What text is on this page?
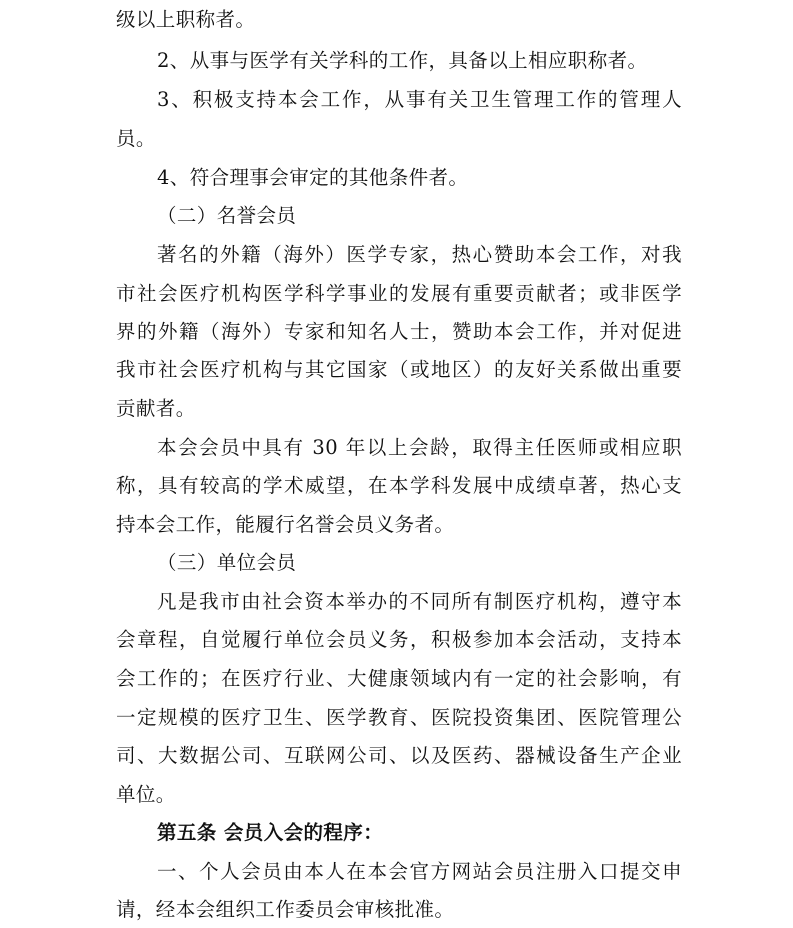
级以上职称者。
2、从事与医学有关学科的工作，具备以上相应职称者。
3、积极支持本会工作，从事有关卫生管理工作的管理人
员。
4、符合理事会审定的其他条件者。
（二）名誉会员
著名的外籍（海外）医学专家，热心赞助本会工作，对我
市社会医疗机构医学科学事业的发展有重要贡献者；或非医学
界的外籍（海外）专家和知名人士，赞助本会工作，并对促进
我市社会医疗机构与其它国家（或地区）的友好关系做出重要
贡献者。
本会会员中具有 30 年以上会龄，取得主任医师或相应职
称，具有较高的学术威望，在本学科发展中成绩卓著，热心支
持本会工作，能履行名誉会员义务者。
（三）单位会员
凡是我市由社会资本举办的不同所有制医疗机构，遵守本
会章程，自觉履行单位会员义务，积极参加本会活动，支持本
会工作的；在医疗行业、大健康领域内有一定的社会影响，有
一定规模的医疗卫生、医学教育、医院投资集团、医院管理公
司、大数据公司、互联网公司、以及医药、器械设备生产企业
单位。
第五条 会员入会的程序：
一、个人会员由本人在本会官方网站会员注册入口提交申
请，经本会组织工作委员会审核批准。
